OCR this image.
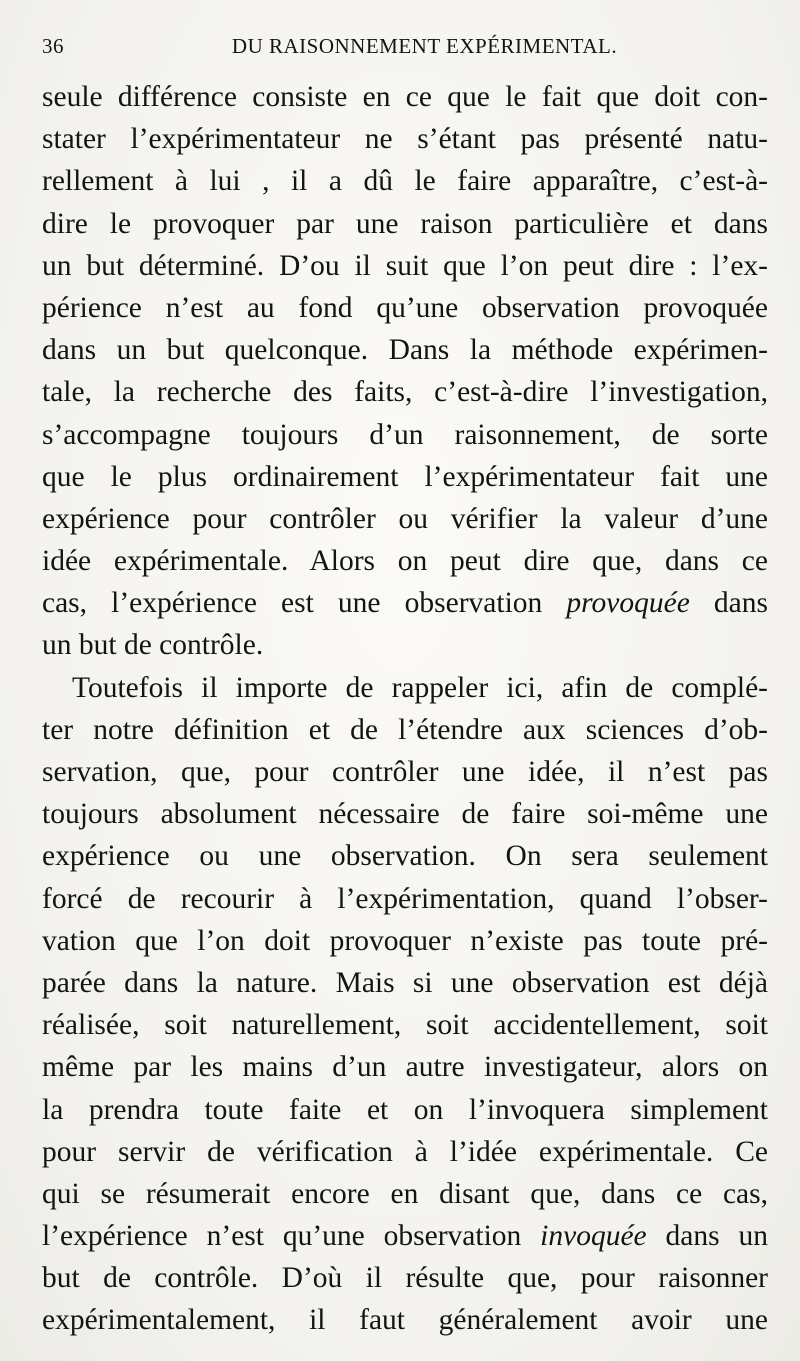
36	DU RAISONNEMENT EXPÉRIMENTAL.
seule différence consiste en ce que le fait que doit con-
stater l’expérimentateur ne s’étant pas présenté natu-
rellement à lui , il a dû le faire apparaître, c’est-à-
dire le provoquer par une raison particulière et dans
un but déterminé. D’ou il suit que l’on peut dire : l’ex-
périence n’est au fond qu’une observation provoquée
dans un but quelconque. Dans la méthode expérimen-
tale, la recherche des faits, c’est-à-dire l’investigation,
s’accompagne toujours d’un raisonnement, de sorte
que le plus ordinairement l’expérimentateur fait une
expérience pour contrôler ou vérifier la valeur d’une
idée expérimentale. Alors on peut dire que, dans ce
cas, l’expérience est une observation provoquée dans
un but de contrôle.
Toutefois il importe de rappeler ici, afin de complé-
ter notre définition et de l’étendre aux sciences d’ob-
servation, que, pour contrôler une idée, il n’est pas
toujours absolument nécessaire de faire soi-même une
expérience ou une observation. On sera seulement
forcé de recourir à l’expérimentation, quand l’obser-
vation que l’on doit provoquer n’existe pas toute pré-
parée dans la nature. Mais si une observation est déjà
réalisée, soit naturellement, soit accidentellement, soit
même par les mains d’un autre investigateur, alors on
la prendra toute faite et on l’invoquera simplement
pour servir de vérification à l’idée expérimentale. Ce
qui se résumerait encore en disant que, dans ce cas,
l’expérience n’est qu’une observation invoquée dans un
but de contrôle. D’où il résulte que, pour raisonner
expérimentalement, il faut généralement avoir une
